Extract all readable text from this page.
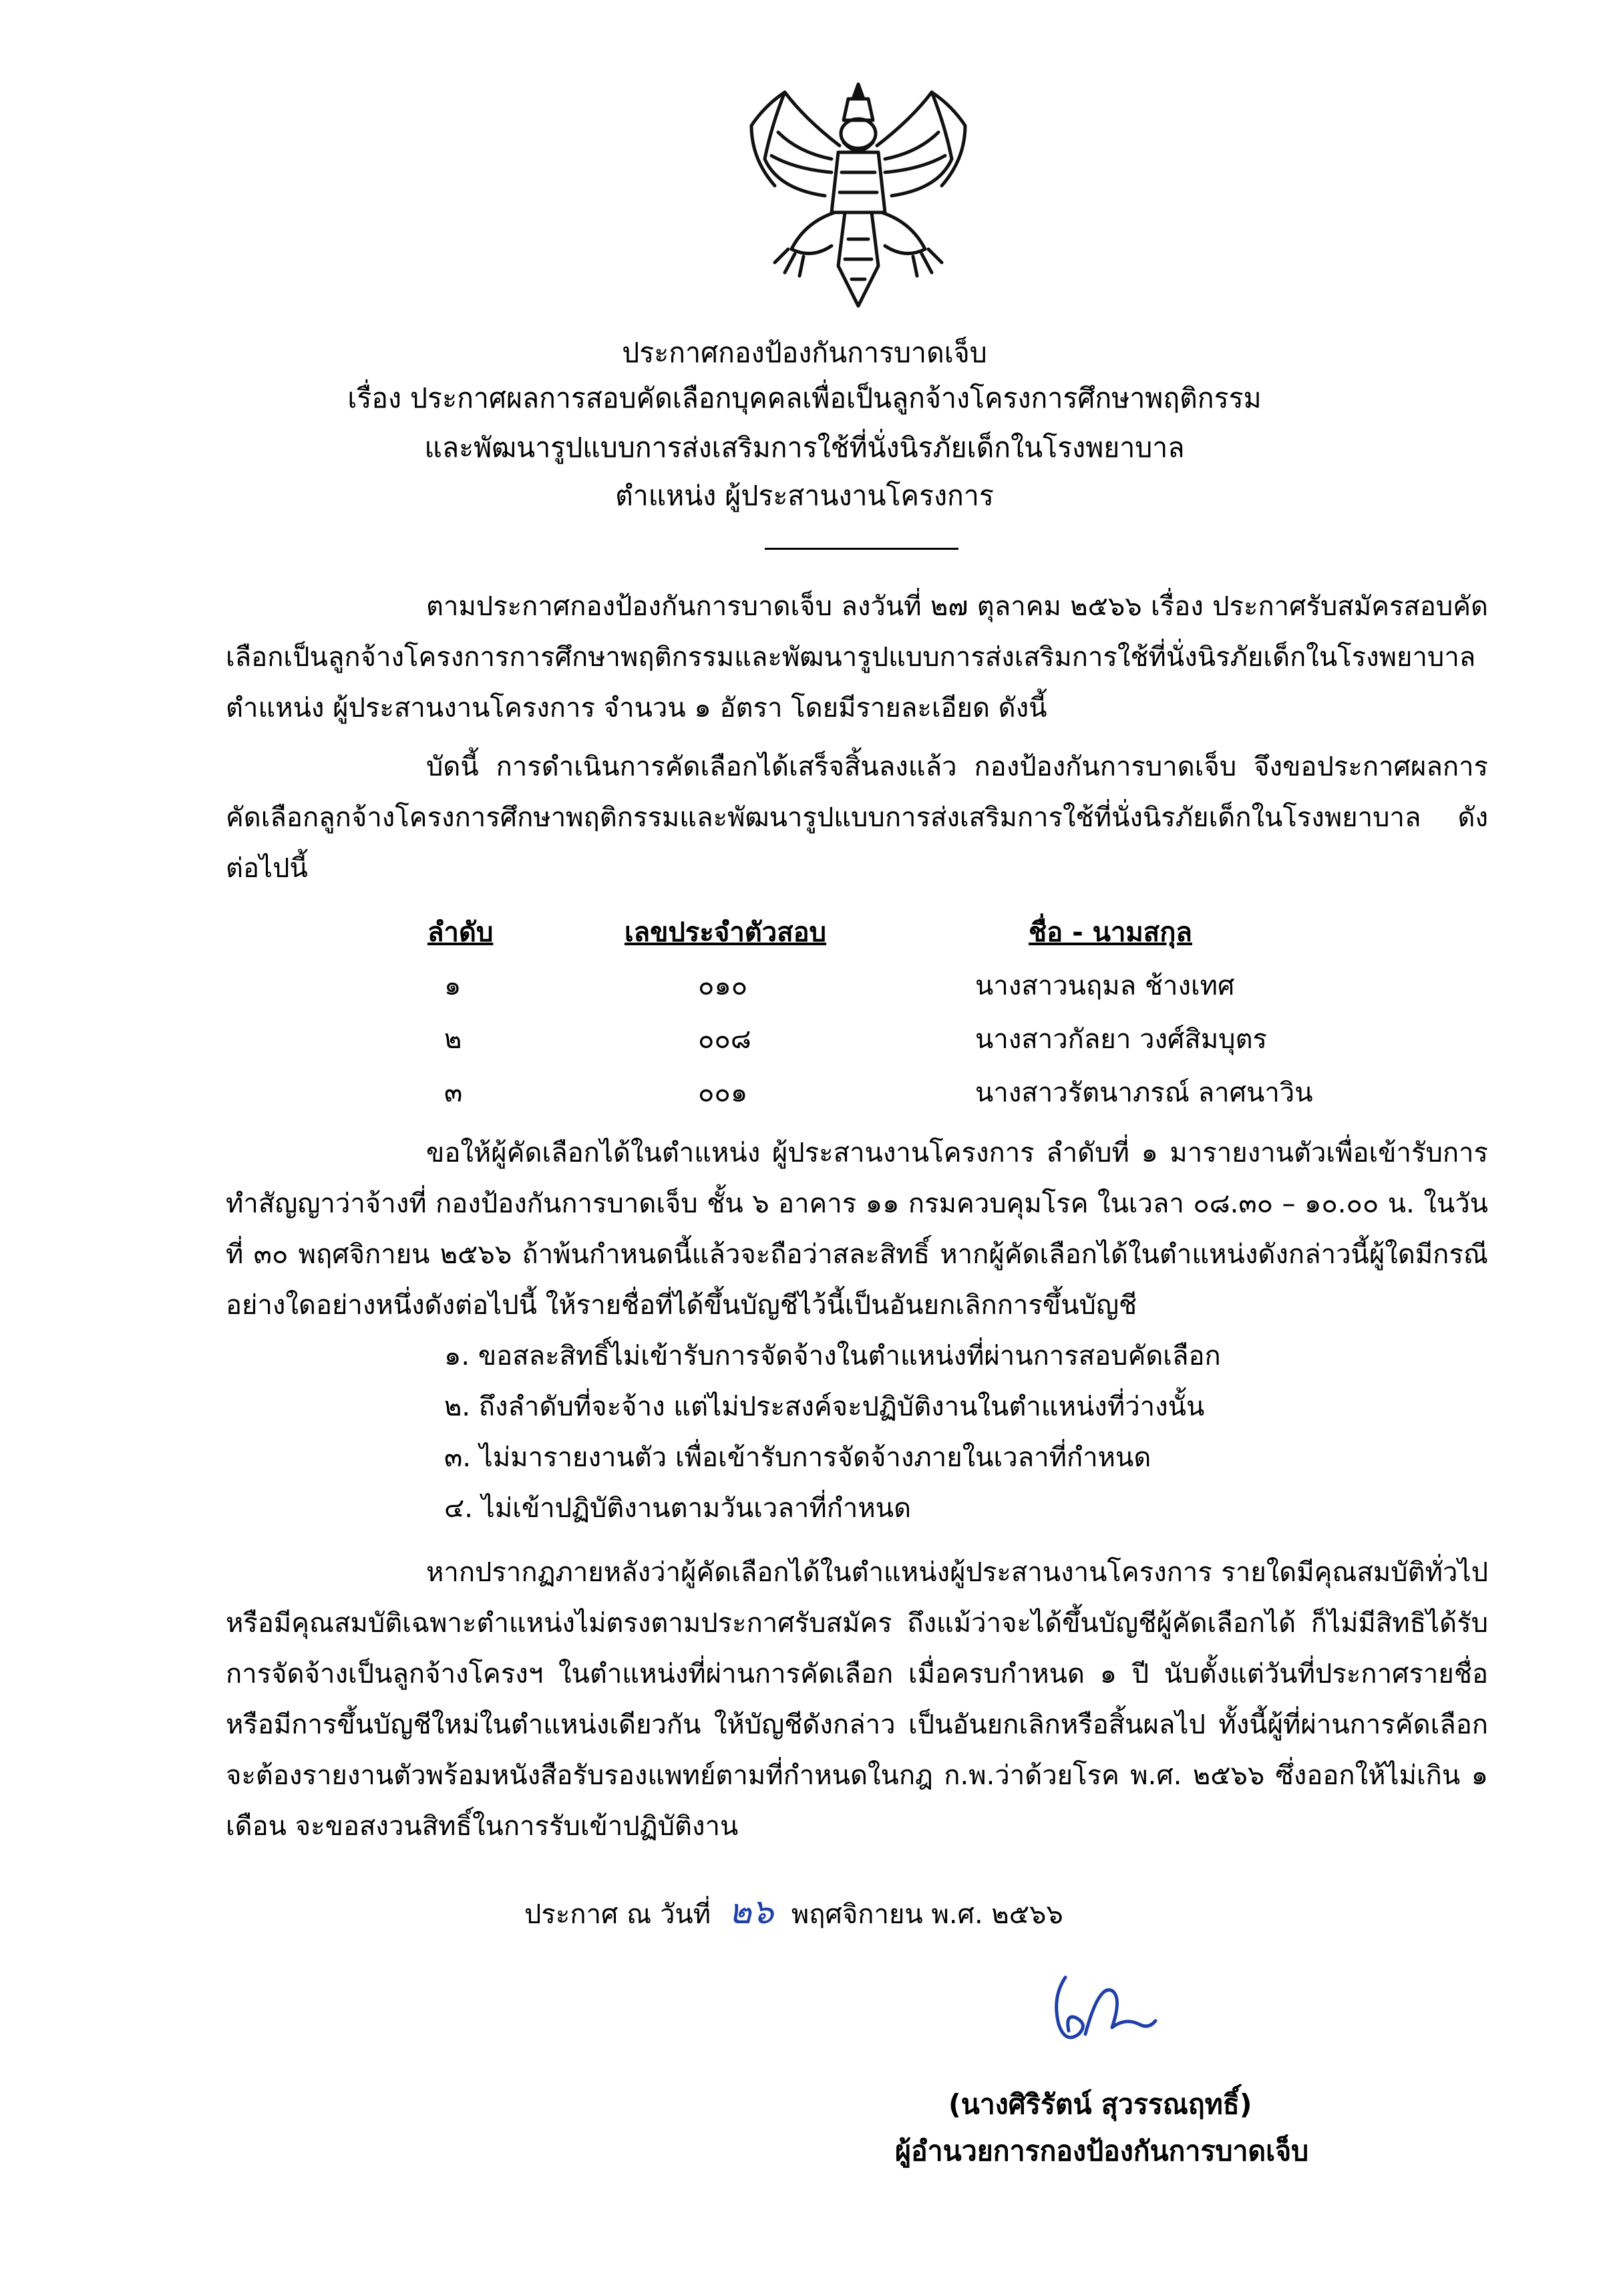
ประกาศกองป้องกันการบาดเจ็บ
เรื่อง ประกาศผลการสอบคัดเลือกบุคคลเพื่อเป็นลูกจ้างโครงการศึกษาพฤติกรรม
และพัฒนารูปแบบการส่งเสริมการใช้ที่นั่งนิรภัยเด็กในโรงพยาบาล
ตำแหน่ง ผู้ประสานงานโครงการ
ตามประกาศกองป้องกันการบาดเจ็บ ลงวันที่ ๒๗ ตุลาคม ๒๕๖๖ เรื่อง ประกาศรับสมัครสอบคัดเลือกเป็นลูกจ้างโครงการการศึกษาพฤติกรรมและพัฒนารูปแบบการส่งเสริมการใช้ที่นั่งนิรภัยเด็กในโรงพยาบาล ตำแหน่ง ผู้ประสานงานโครงการ จำนวน ๑ อัตรา โดยมีรายละเอียด ดังนี้
บัดนี้ การดำเนินการคัดเลือกได้เสร็จสิ้นลงแล้ว กองป้องกันการบาดเจ็บ จึงขอประกาศผลการคัดเลือกลูกจ้างโครงการศึกษาพฤติกรรมและพัฒนารูปแบบการส่งเสริมการใช้ที่นั่งนิรภัยเด็กในโรงพยาบาล ดังต่อไปนี้
ลำดับ	เลขประจำตัวสอบ	ชื่อ - นามสกุล
๑	๐๑๐	นางสาวนฤมล ช้างเทศ
๒	๐๐๘	นางสาวกัลยา วงศ์สิมบุตร
๓	๐๐๑	นางสาวรัตนาภรณ์ ลาศนาวิน
ขอให้ผู้คัดเลือกได้ในตำแหน่ง ผู้ประสานงานโครงการ ลำดับที่ ๑ มารายงานตัวเพื่อเข้ารับการทำสัญญาว่าจ้างที่ กองป้องกันการบาดเจ็บ ชั้น ๖ อาคาร ๑๑ กรมควบคุมโรค ในเวลา ๐๘.๓๐ – ๑๐.๐๐ น. ในวันที่ ๓๐ พฤศจิกายน ๒๕๖๖ ถ้าพ้นกำหนดนี้แล้วจะถือว่าสละสิทธิ์ หากผู้คัดเลือกได้ในตำแหน่งดังกล่าวนี้ผู้ใดมีกรณีอย่างใดอย่างหนึ่งดังต่อไปนี้ ให้รายชื่อที่ได้ขึ้นบัญชีไว้นี้เป็นอันยกเลิกการขึ้นบัญชี
๑. ขอสละสิทธิ์ไม่เข้ารับการจัดจ้างในตำแหน่งที่ผ่านการสอบคัดเลือก
๒. ถึงลำดับที่จะจ้าง แต่ไม่ประสงค์จะปฏิบัติงานในตำแหน่งที่ว่างนั้น
๓. ไม่มารายงานตัว เพื่อเข้ารับการจัดจ้างภายในเวลาที่กำหนด
๔. ไม่เข้าปฏิบัติงานตามวันเวลาที่กำหนด
หากปรากฏภายหลังว่าผู้คัดเลือกได้ในตำแหน่งผู้ประสานงานโครงการ รายใดมีคุณสมบัติทั่วไป หรือมีคุณสมบัติเฉพาะตำแหน่งไม่ตรงตามประกาศรับสมัคร ถึงแม้ว่าจะได้ขึ้นบัญชีผู้คัดเลือกได้ ก็ไม่มีสิทธิได้รับการจัดจ้างเป็นลูกจ้างโครงฯ ในตำแหน่งที่ผ่านการคัดเลือก เมื่อครบกำหนด ๑ ปี นับตั้งแต่วันที่ประกาศรายชื่อ หรือมีการขึ้นบัญชีใหม่ในตำแหน่งเดียวกัน ให้บัญชีดังกล่าว เป็นอันยกเลิกหรือสิ้นผลไป ทั้งนี้ผู้ที่ผ่านการคัดเลือกจะต้องรายงานตัวพร้อมหนังสือรับรองแพทย์ตามที่กำหนดในกฎ ก.พ.ว่าด้วยโรค พ.ศ. ๒๕๖๖ ซึ่งออกให้ไม่เกิน ๑ เดือน จะขอสงวนสิทธิ์ในการรับเข้าปฏิบัติงาน
ประกาศ ณ วันที่ ๒๖ พฤศจิกายน พ.ศ. ๒๕๖๖
(นางศิริรัตน์ สุวรรณฤทธิ์)
ผู้อำนวยการกองป้องกันการบาดเจ็บ
